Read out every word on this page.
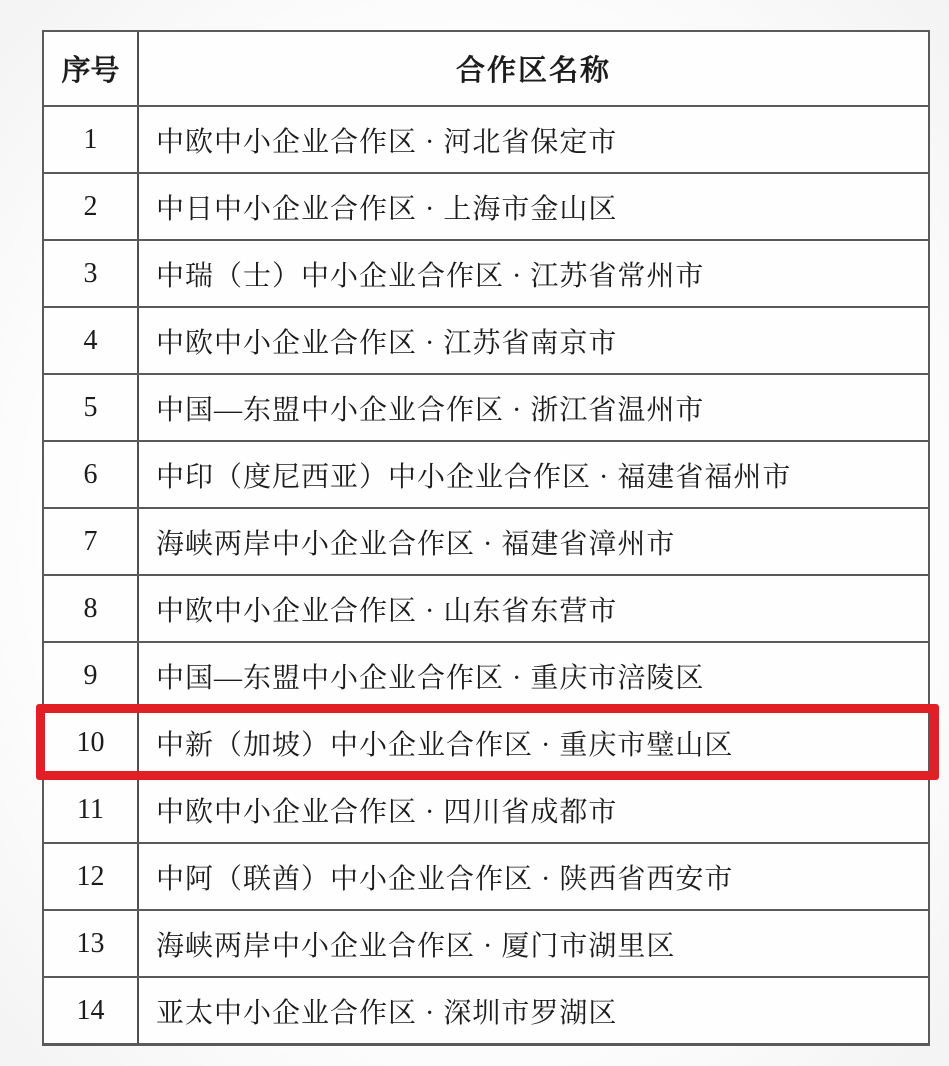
序号	合作区名称
1	中欧中小企业合作区 · 河北省保定市
2	中日中小企业合作区 · 上海市金山区
3	中瑞（士）中小企业合作区 · 江苏省常州市
4	中欧中小企业合作区 · 江苏省南京市
5	中国—东盟中小企业合作区 · 浙江省温州市
6	中印（度尼西亚）中小企业合作区 · 福建省福州市
7	海峡两岸中小企业合作区 · 福建省漳州市
8	中欧中小企业合作区 · 山东省东营市
9	中国—东盟中小企业合作区 · 重庆市涪陵区
10	中新（加坡）中小企业合作区 · 重庆市璧山区
11	中欧中小企业合作区 · 四川省成都市
12	中阿（联酋）中小企业合作区 · 陕西省西安市
13	海峡两岸中小企业合作区 · 厦门市湖里区
14	亚太中小企业合作区 · 深圳市罗湖区
